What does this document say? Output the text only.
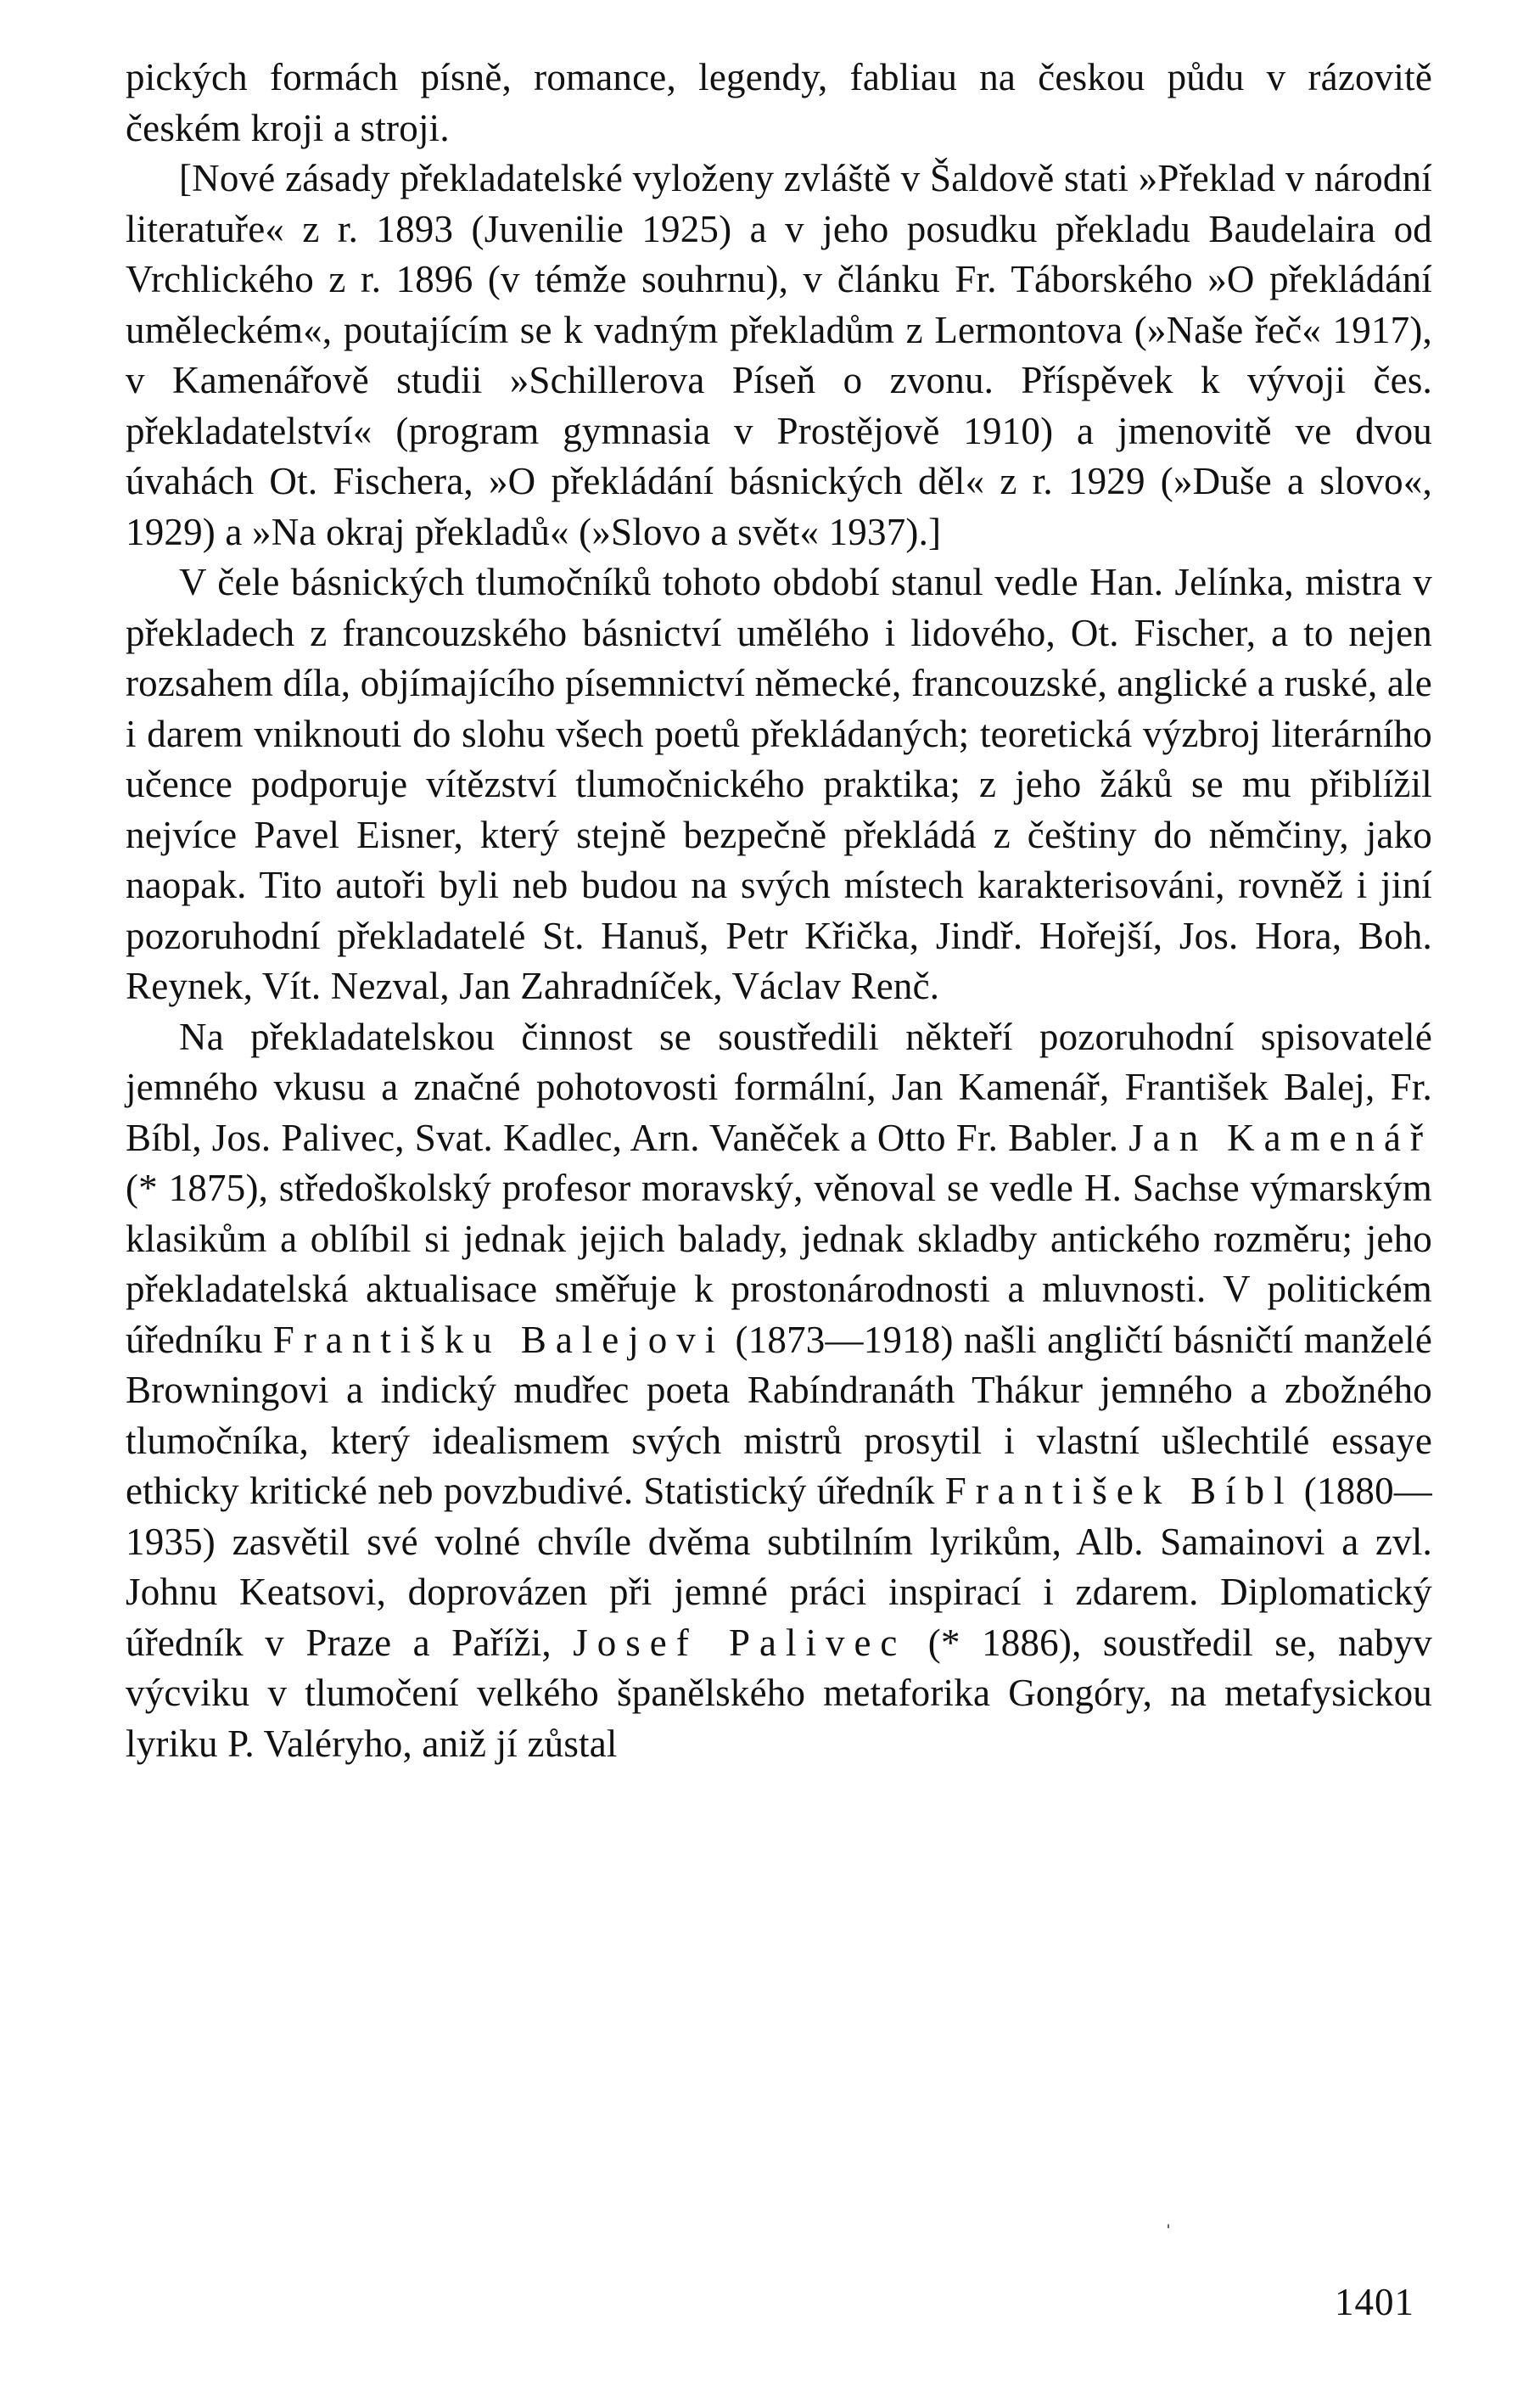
pických formách písně, romance, legendy, fabliau na českou půdu v rázovitě českém kroji a stroji.

[Nové zásady překladatelské vyloženy zvláště v Šaldově stati »Překlad v národní literatuře« z r. 1893 (Juvenilie 1925) a v jeho posudku překladu Baudelaira od Vrchlického z r. 1896 (v témže souhrnu), v článku Fr. Táborského »O překládání uměleckém«, poutajícím se k vadným překladům z Lermontova (»Naše řeč« 1917), v Kamenářově studii »Schillerova Píseň o zvonu. Příspěvek k vývoji čes. překladatelství« (program gymnasia v Prostějově 1910) a jmenovitě ve dvou úvahách Ot. Fischera, »O překládání básnických děl« z r. 1929 (»Duše a slovo«, 1929) a »Na okraj překladů« (»Slovo a svět« 1937).]

V čele básnických tlumočníků tohoto období stanul vedle Han. Jelínka, mistra v překladech z francouzského básnictví umělého i lidového, Ot. Fischer, a to nejen rozsahem díla, objímajícího písemnictví německé, francouzské, anglické a ruské, ale i darem vniknouti do slohu všech poetů překládaných; teoretická výzbroj literárního učence podporuje vítězství tlumočnického praktika; z jeho žáků se mu přiblížil nejvíce Pavel Eisner, který stejně bezpečně překládá z češtiny do němčiny, jako naopak. Tito autoři byli neb budou na svých místech karakterisováni, rovněž i jiní pozoruhodní překladatelé St. Hanuš, Petr Křička, Jindř. Hořejší, Jos. Hora, Boh. Reynek, Vít. Nezval, Jan Zahradníček, Václav Renč.

Na překladatelskou činnost se soustředili někteří pozoruhodní spisovatelé jemného vkusu a značné pohotovosti formální, Jan Kamenář, František Balej, Fr. Bíbl, Jos. Palivec, Svat. Kadlec, Arn. Vaněček a Otto Fr. Babler. Jan Kamenář (* 1875), středoškolský profesor moravský, věnoval se vedle H. Sachse výmarským klasikům a oblíbil si jednak jejich balady, jednak skladby antického rozměru; jeho překladatelská aktualisace směřuje k prostonárodnosti a mluvnosti. V politickém úředníku Františku Balejovi (1873—1918) našli angličtí básničtí manželé Browningovi a indický mudřec poeta Rabíndranáth Thákur jemného a zbožného tlumočníka, který idealismem svých mistrů prosytil i vlastní ušlechtilé essaye ethicky kritické neb povzbudivé. Statistický úředník František Bíbl (1880—1935) zasvětil své volné chvíle dvěma subtilním lyrikům, Alb. Samainovi a zvl. Johnu Keatsovi, doprovázen při jemné práci inspirací i zdarem. Diplomatický úředník v Praze a Paříži, Josef Palivec (* 1886), soustředil se, nabyv výcviku v tlumočení velkého španělského metaforika Gongóry, na metafysickou lyriku P. Valéryho, aniž jí zůstal

ˈ
1401
